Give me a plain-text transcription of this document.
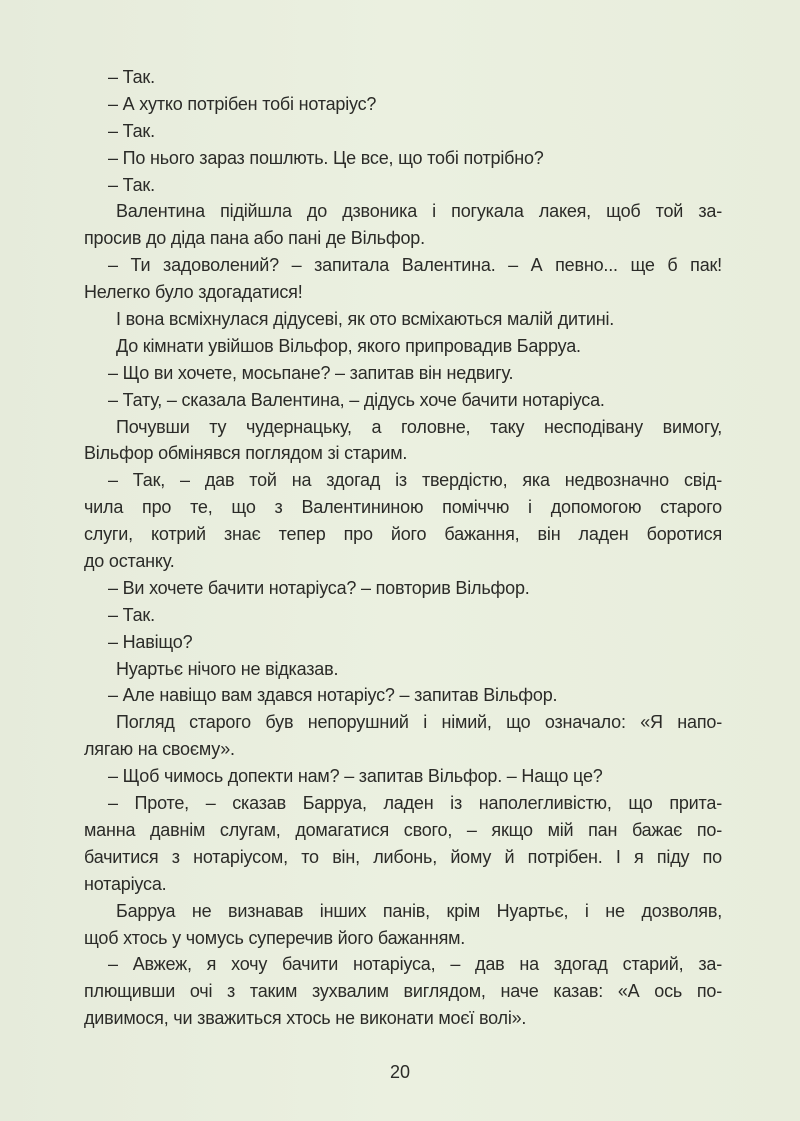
– Так.
– А хутко потрібен тобі нотаріус?
– Так.
– По нього зараз пошлють. Це все, що тобі потрібно?
– Так.
Валентина підійшла до дзвоника і погукала лакея, щоб той за-
просив до діда пана або пані де Вільфор.
– Ти задоволений? – запитала Валентина. – А певно... ще б пак!
Нелегко було здогадатися!
І вона всміхнулася дідусеві, як ото всміхаються малій дитині.
До кімнати увійшов Вільфор, якого припровадив Барруа.
– Що ви хочете, мосьпане? – запитав він недвигу.
– Тату, – сказала Валентина, – дідусь хоче бачити нотаріуса.
Почувши ту чудернацьку, а головне, таку несподівану вимогу,
Вільфор обмінявся поглядом зі старим.
– Так, – дав той на здогад із твердістю, яка недвозначно свід-
чила про те, що з Валентининою поміччю і допомогою старого
слуги, котрий знає тепер про його бажання, він ладен боротися
до останку.
– Ви хочете бачити нотаріуса? – повторив Вільфор.
– Так.
– Навіщо?
Нуартьє нічого не відказав.
– Але навіщо вам здався нотаріус? – запитав Вільфор.
Погляд старого був непорушний і німий, що означало: «Я напо-
лягаю на своєму».
– Щоб чимось допекти нам? – запитав Вільфор. – Нащо це?
– Проте, – сказав Барруа, ладен із наполегливістю, що прита-
манна давнім слугам, домагатися свого, – якщо мій пан бажає по-
бачитися з нотаріусом, то він, либонь, йому й потрібен. І я піду по
нотаріуса.
Барруа не визнавав інших панів, крім Нуартьє, і не дозволяв,
щоб хтось у чомусь суперечив його бажанням.
– Авжеж, я хочу бачити нотаріуса, – дав на здогад старий, за-
плющивши очі з таким зухвалим виглядом, наче казав: «А ось по-
дивимося, чи зважиться хтось не виконати моєї волі».
20
